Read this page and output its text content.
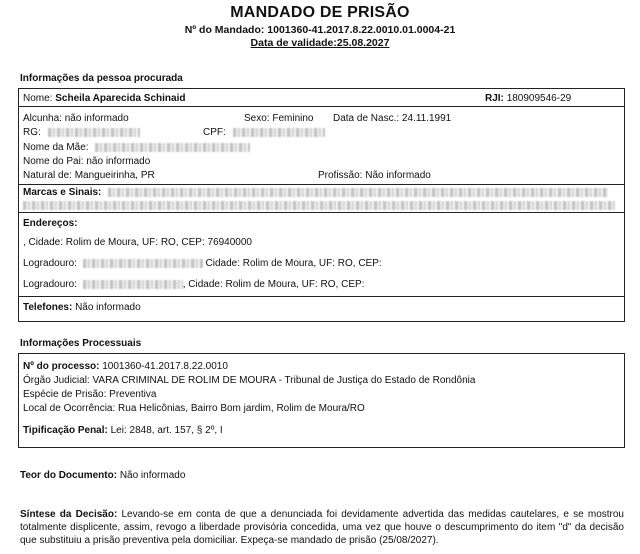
MANDADO DE PRISÃO
Nº do Mandado: 1001360-41.2017.8.22.0010.01.0004-21
Data de validade:25.08.2027
Informações da pessoa procurada
Nome: Scheila Aparecida Schinaid	RJI: 180909546-29
Alcunha: não informado	Sexo: Feminino Data de Nasc.: 24.11.1991
RG:	CPF:
Nome da Mãe:
Nome do Pai: não informado
Natural de: Mangueirinha, PR	Profissão: Não informado
Marcas e Sinais:
Endereços:
, Cidade: Rolim de Moura, UF: RO, CEP: 76940000
Logradouro:	Cidade: Rolim de Moura, UF: RO, CEP:
Logradouro:	, Cidade: Rolim de Moura, UF: RO, CEP:
Telefones: Não informado
Informações Processuais
Nº do processo: 1001360-41.2017.8.22.0010
Órgão Judicial: VARA CRIMINAL DE ROLIM DE MOURA - Tribunal de Justiça do Estado de Rondônia
Espécie de Prisão: Preventiva
Local de Ocorrência: Rua Helicônias, Bairro Bom jardim, Rolim de Moura/RO
Tipificação Penal: Lei: 2848, art. 157, § 2º, I
Teor do Documento: Não informado
Síntese da Decisão: Levando-se em conta de que a denunciada foi devidamente advertida das medidas cautelares, e se mostrou totalmente displicente, assim, revogo a liberdade provisória concedida, uma vez que houve o descumprimento do item "d" da decisão que substituiu a prisão preventiva pela domiciliar. Expeça-se mandado de prisão (25/08/2027).
